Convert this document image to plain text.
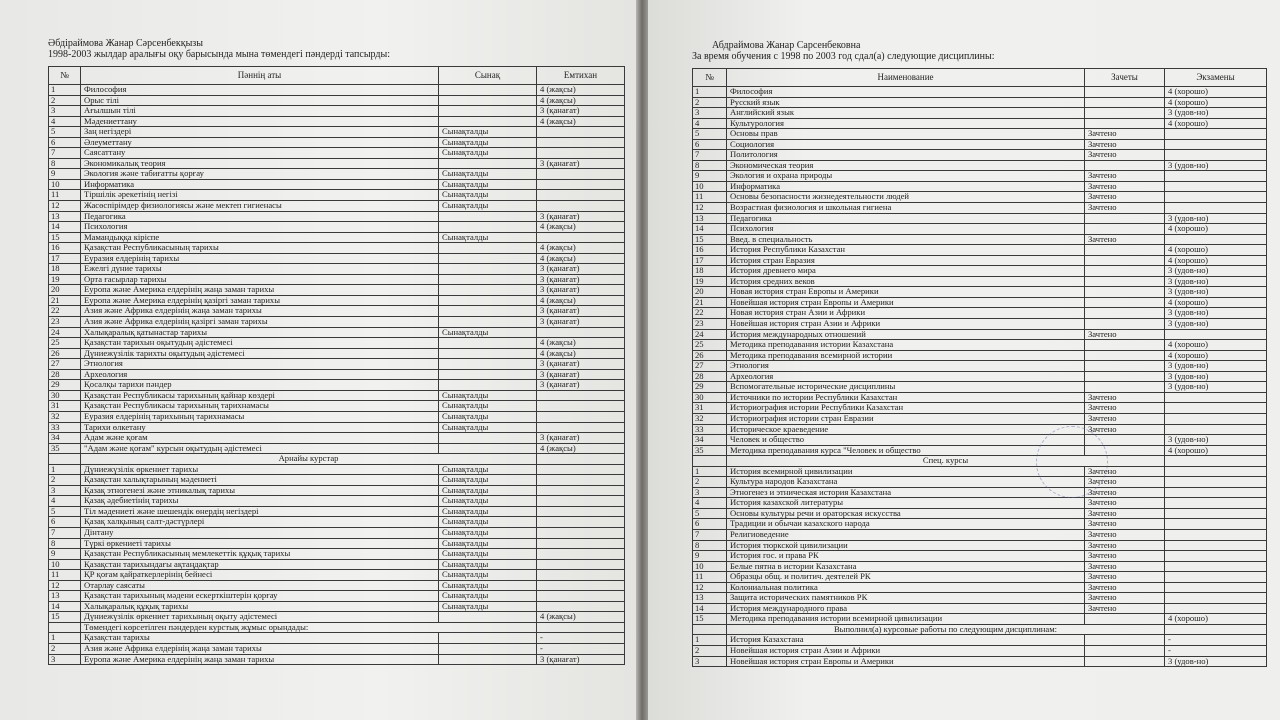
Әбдіраймова Жанар Сәрсенбекқызы
1998-2003 жылдар аралығы оқу барысында мына төмендегі пәндерді тапсырды:
№	Пәннің аты	Сынақ	Емтихан
1	Философия		4 (жақсы)
2	Орыс тілі		4 (жақсы)
3	Ағылшын тілі		3 (қанағат)
4	Мәдениеттану		4 (жақсы)
5	Заң негіздері	Сынақталды	
6	Әлеуметтану	Сынақталды	
7	Саясаттану	Сынақталды	
8	Экономикалық теория		3 (қанағат)
9	Экология және табиғатты қорғау	Сынақталды	
10	Информатика	Сынақталды	
11	Тіршілік әрекетінің негізі	Сынақталды	
12	Жасөспірімдер физиологиясы және мектеп гигиенасы	Сынақталды	
13	Педагогика		3 (қанағат)
14	Психология		4 (жақсы)
15	Мамандыққа кіріспе	Сынақталды	
16	Қазақстан Республикасының тарихы		4 (жақсы)
17	Еуразия елдерінің тарихы		4 (жақсы)
18	Ежелгі дүние тарихы		3 (қанағат)
19	Орта ғасырлар тарихы		3 (қанағат)
20	Еуропа және Америка елдерінің жаңа заман тарихы		3 (қанағат)
21	Еуропа және Америка елдерінің қазіргі заман тарихы		4 (жақсы)
22	Азия және Африка елдерінің жаңа заман тарихы		3 (қанағат)
23	Азия және Африка елдерінің қазіргі заман тарихы		3 (қанағат)
24	Халықаралық қатынастар тарихы	Сынақталды	
25	Қазақстан тарихын оқытудың әдістемесі		4 (жақсы)
26	Дүниежүзілік тарихты оқытудың әдістемесі		4 (жақсы)
27	Этнология		3 (қанағат)
28	Археология		3 (қанағат)
29	Қосалқы тарихи пәндер		3 (қанағат)
30	Қазақстан Республикасы тарихының қайнар көздері	Сынақталды	
31	Қазақстан Республикасы тарихының тарихнамасы	Сынақталды	
32	Еуразия елдерінің тарихының тарихнамасы	Сынақталды	
33	Тарихи өлкетану	Сынақталды	
34	Адам және қоғам		3 (қанағат)
35	"Адам және қоғам" курсын оқытудың әдістемесі		4 (жақсы)
	Арнайы курстар		
1	Дүниежүзілік өркениет тарихы	Сынақталды	
2	Қазақстан халықтарының мәдениеті	Сынақталды	
3	Қазақ этногенезі және этникалық тарихы	Сынақталды	
4	Қазақ әдебиетінің тарихы	Сынақталды	
5	Тіл мәдениеті және шешендік өнердің негіздері	Сынақталды	
6	Қазақ халқының салт-дәстүрлері	Сынақталды	
7	Дінтану	Сынақталды	
8	Түркі өркениеті тарихы	Сынақталды	
9	Қазақстан Республикасының мемлекеттік құқық тарихы	Сынақталды	
10	Қазақстан тарихындағы ақтаңдақтар	Сынақталды	
11	ҚР қоғам қайраткерлерінің бейнесі	Сынақталды	
12	Отарлау саясаты	Сынақталды	
13	Қазақстан тарихының мәдени ескерткіштерін қорғау	Сынақталды	
14	Халықаралық құқық тарихы	Сынақталды	
15	Дүниежүзілік өркениет тарихының оқыту әдістемесі		4 (жақсы)
	Төмендегі көрсетілген пәндерден курстық жұмыс орындады:		
1	Қазақстан тарихы		-
2	Азия және Африка елдерінің жаңа заман тарихы		-
3	Еуропа және Америка елдерінің жаңа заман тарихы		3 (қанағат)
Абдраймова Жанар Сарсенбековна
За время обучения с 1998 по 2003 год сдал(а) следующие дисциплины:
№	Наименование	Зачеты	Экзамены
1	Философия		4 (хорошо)
2	Русский язык		4 (хорошо)
3	Английский язык		3 (удов-но)
4	Культурология		4 (хорошо)
5	Основы прав	Зачтено	
6	Социология	Зачтено	
7	Политология	Зачтено	
8	Экономическая теория		3 (удов-но)
9	Экология и охрана природы	Зачтено	
10	Информатика	Зачтено	
11	Основы безопасности жизнедеятельности людей	Зачтено	
12	Возрастная физиология и школьная гигиена	Зачтено	
13	Педагогика		3 (удов-но)
14	Психология		4 (хорошо)
15	Введ. в специальность	Зачтено	
16	История Республики Казахстан		4 (хорошо)
17	История стран Евразия		4 (хорошо)
18	История древнего мира		3 (удов-но)
19	История средних веков		3 (удов-но)
20	Новая история стран Европы и Америки		3 (удов-но)
21	Новейшая история стран Европы и Америки		4 (хорошо)
22	Новая история стран Азии и Африки		3 (удов-но)
23	Новейшая история стран Азии и Африки		3 (удов-но)
24	История международных отношений	Зачтено	
25	Методика преподавания истории Казахстана		4 (хорошо)
26	Методика преподавания всемирной истории		4 (хорошо)
27	Этнология		3 (удов-но)
28	Археология		3 (удов-но)
29	Вспомогательные исторические дисциплины		3 (удов-но)
30	Источники по истории Республики Казахстан	Зачтено	
31	Историография истории Республики Казахстан	Зачтено	
32	Историография истории стран Евразии	Зачтено	
33	Историческое краеведение	Зачтено	
34	Человек и общество		3 (удов-но)
35	Методика преподавания курса "Человек и общество		4 (хорошо)
	Спец. курсы		
1	История всемирной цивилизации	Зачтено	
2	Культура народов Казахстана	Зачтено	
3	Этногенез и этническая история Казахстана	Зачтено	
4	История казахской литературы	Зачтено	
5	Основы культуры речи и ораторская искусства	Зачтено	
6	Традиции и обычаи казахского народа	Зачтено	
7	Религиоведение	Зачтено	
8	История тюркской цивилизации	Зачтено	
9	История гос. и права РК	Зачтено	
10	Белые пятна в истории Казахстана	Зачтено	
11	Образцы общ. и политич. деятелей РК	Зачтено	
12	Колониальная политика	Зачтено	
13	Защита исторических памятников РК	Зачтено	
14	История международного права	Зачтено	
15	Методика преподавания истории всемирной цивилизации		4 (хорошо)
	Выполнил(а) курсовые работы по следующим дисциплинам:		
1	История Казахстана		-
2	Новейшая история стран Азии и Африки		-
3	Новейшая история стран Европы и Америки		3 (удов-но)
